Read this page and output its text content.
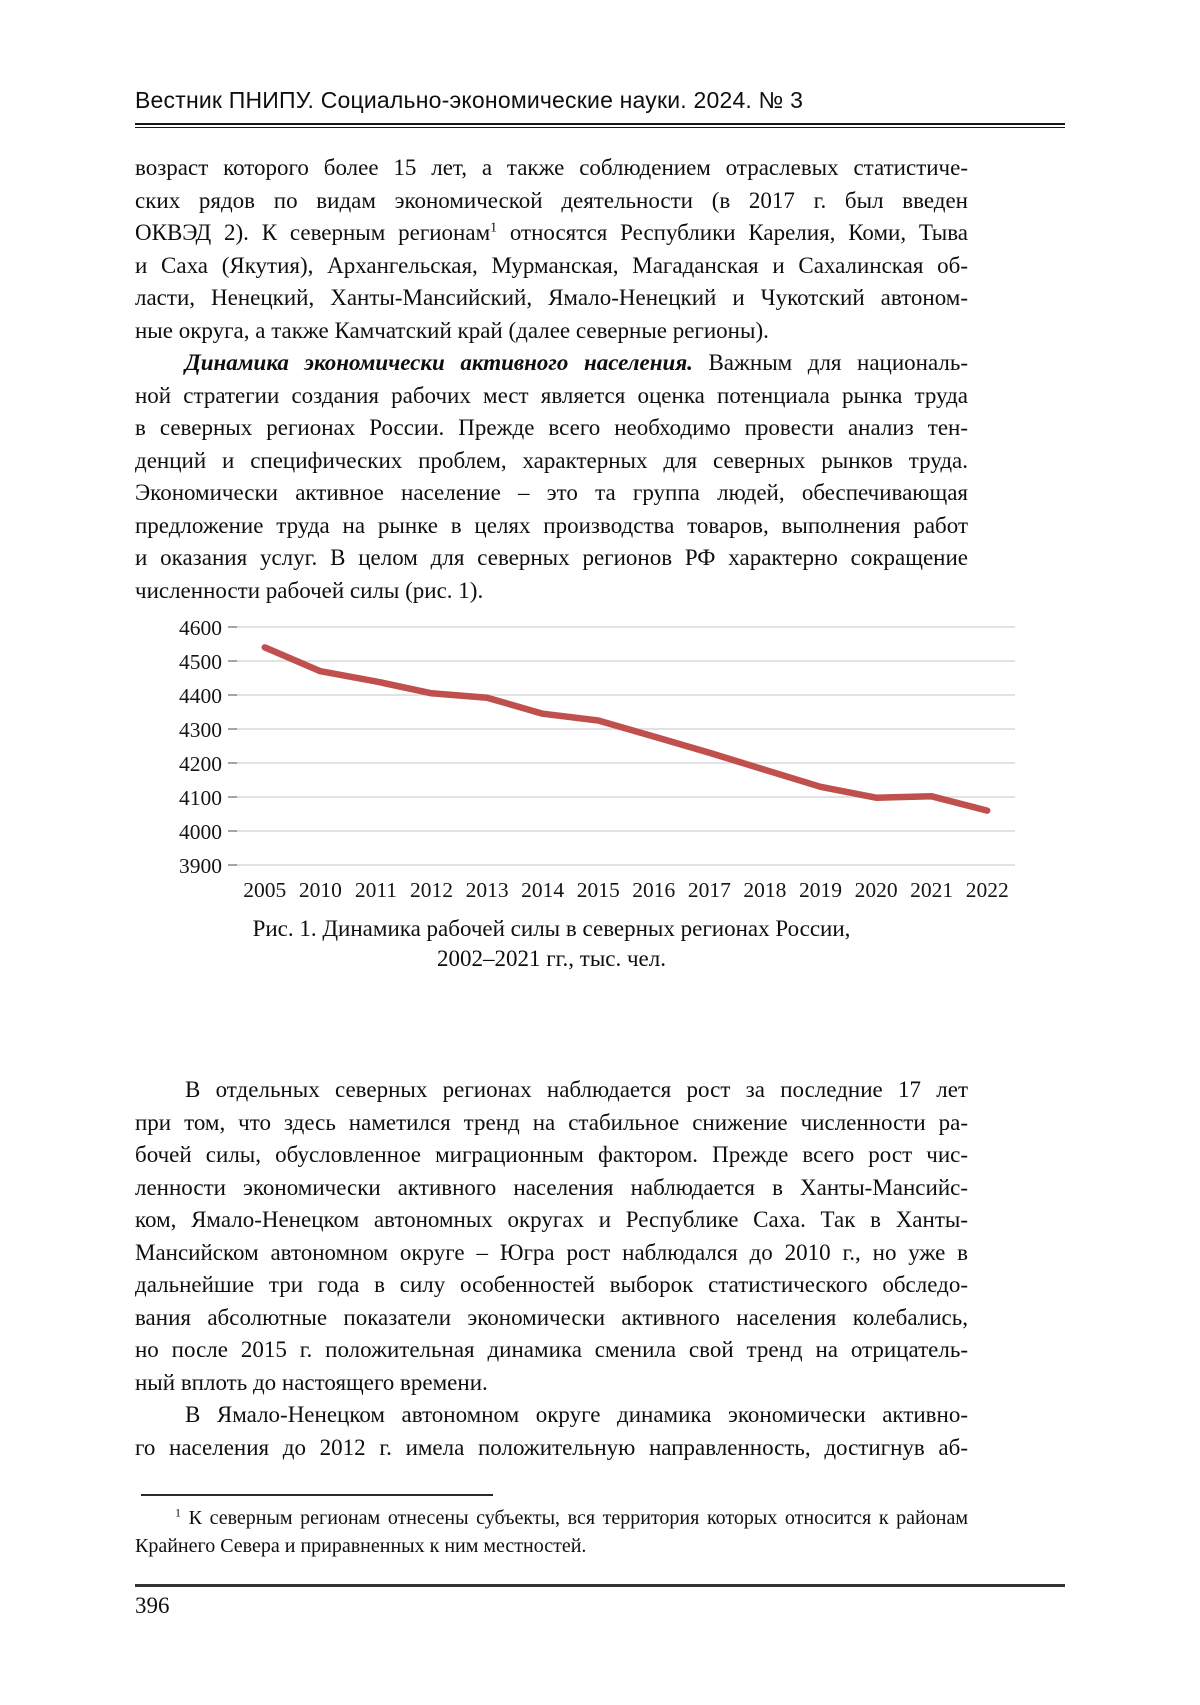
Вестник ПНИПУ. Социально-экономические науки. 2024. № 3
возраст которого более 15 лет, а также соблюдением отраслевых статистиче-
ских рядов по видам экономической деятельности (в 2017 г. был введен
ОКВЭД 2). К северным регионам$^1$ относятся Республики Карелия, Коми, Тыва
и Саха (Якутия), Архангельская, Мурманская, Магаданская и Сахалинская об-
ласти, Ненецкий, Ханты-Мансийский, Ямало-Ненецкий и Чукотский автоном-
ные округа, а также Камчатский край (далее северные регионы).
Динамика экономически активного населения. Важным для националь-
ной стратегии создания рабочих мест является оценка потенциала рынка труда
в северных регионах России. Прежде всего необходимо провести анализ тен-
денций и специфических проблем, характерных для северных рынков труда.
Экономически активное население – это та группа людей, обеспечивающая
предложение труда на рынке в целях производства товаров, выполнения работ
и оказания услуг. В целом для северных регионов РФ характерно сокращение
численности рабочей силы (рис. 1).
4600
4500
4400
4300
4200
4100
4000
3900
2005 2010 2011 2012 2013 2014 2015 2016 2017 2018 2019 2020 2021 2022
Рис. 1. Динамика рабочей силы в северных регионах России,
2002–2021 гг., тыс. чел.
В отдельных северных регионах наблюдается рост за последние 17 лет
при том, что здесь наметился тренд на стабильное снижение численности ра-
бочей силы, обусловленное миграционным фактором. Прежде всего рост чис-
ленности экономически активного населения наблюдается в Ханты-Мансийс-
ком, Ямало-Ненецком автономных округах и Республике Саха. Так в Ханты-
Мансийском автономном округе – Югра рост наблюдался до 2010 г., но уже в
дальнейшие три года в силу особенностей выборок статистического обследо-
вания абсолютные показатели экономически активного населения колебались,
но после 2015 г. положительная динамика сменила свой тренд на отрицатель-
ный вплоть до настоящего времени.
В Ямало-Ненецком автономном округе динамика экономически активно-
го населения до 2012 г. имела положительную направленность, достигнув аб-
$^1$ К северным регионам отнесены субъекты, вся территория которых относится к районам
Крайнего Севера и приравненных к ним местностей.
396
